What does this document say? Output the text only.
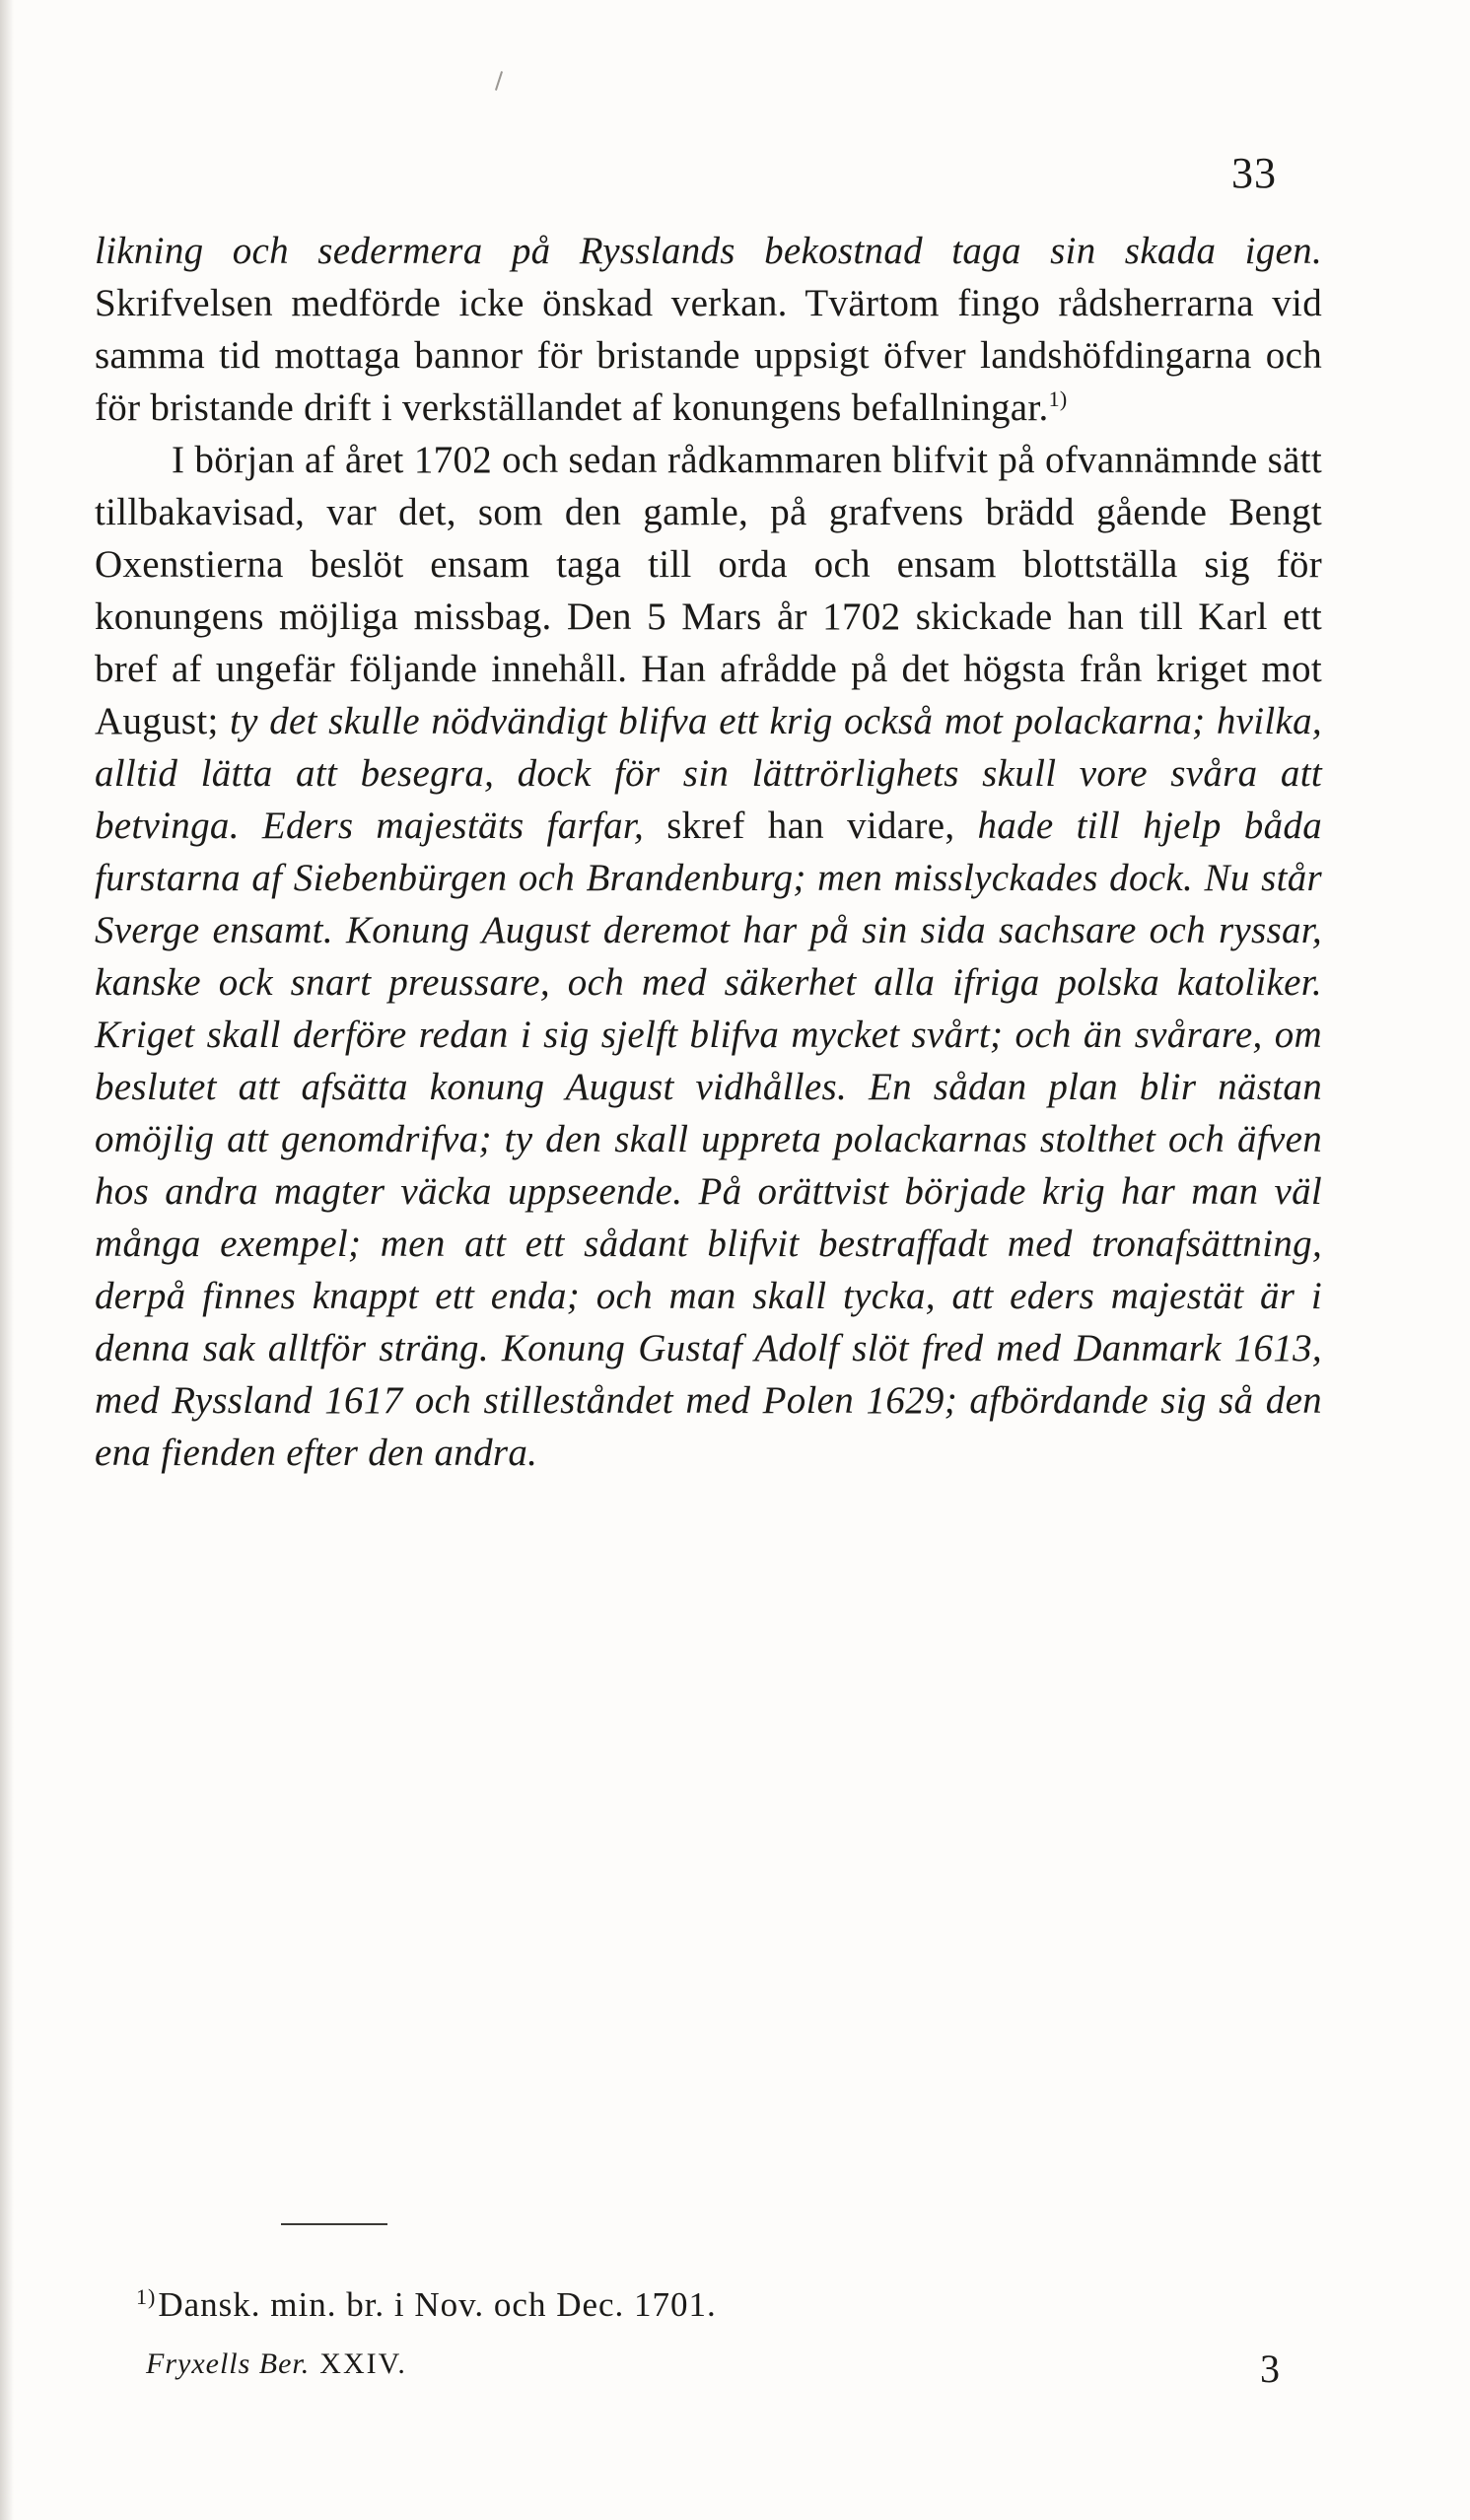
33

likning och sedermera på Rysslands bekostnad taga sin skada igen. Skrifvelsen medförde icke önskad verkan. Tvärtom fingo rådsherrarna vid samma tid mottaga bannor för bristande uppsigt öfver landshöfdingarna och för bristande drift i verkställandet af konungens befallningar.$^{1)}$

I början af året 1702 och sedan rådkammaren blifvit på ofvannämnde sätt tillbakavisad, var det, som den gamle, på grafvens brädd gående Bengt Oxenstierna beslöt ensam taga till orda och ensam blottställa sig för konungens möjliga missbag. Den 5 Mars år 1702 skickade han till Karl ett bref af ungefär följande innehåll. Han afrådde på det högsta från kriget mot August; ty det skulle nödvändigt blifva ett krig också mot polackarna; hvilka, alltid lätta att besegra, dock för sin lättrörlighets skull vore svåra att betvinga. Eders majestäts farfar, skref han vidare, hade till hjelp båda furstarna af Siebenbürgen och Brandenburg; men misslyckades dock. Nu står Sverge ensamt. Konung August deremot har på sin sida sachsare och ryssar, kanske ock snart preussare, och med säkerhet alla ifriga polska katoliker. Kriget skall derföre redan i sig sjelft blifva mycket svårt; och än svårare, om beslutet att afsätta konung August vidhålles. En sådan plan blir nästan omöjlig att genomdrifva; ty den skall uppreta polackarnas stolthet och äfven hos andra magter väcka uppseende. På orättvist började krig har man väl många exempel; men att ett sådant blifvit bestraffadt med tronafsättning, derpå finnes knappt ett enda; och man skall tycka, att eders majestät är i denna sak alltför sträng. Konung Gustaf Adolf slöt fred med Danmark 1613, med Ryssland 1617 och stilleståndet med Polen 1629; afbördande sig så den ena fienden efter den andra.

$^{1)}$Dansk. min. br. i Nov. och Dec. 1701.
Fryxells Ber. XXIV.	3
